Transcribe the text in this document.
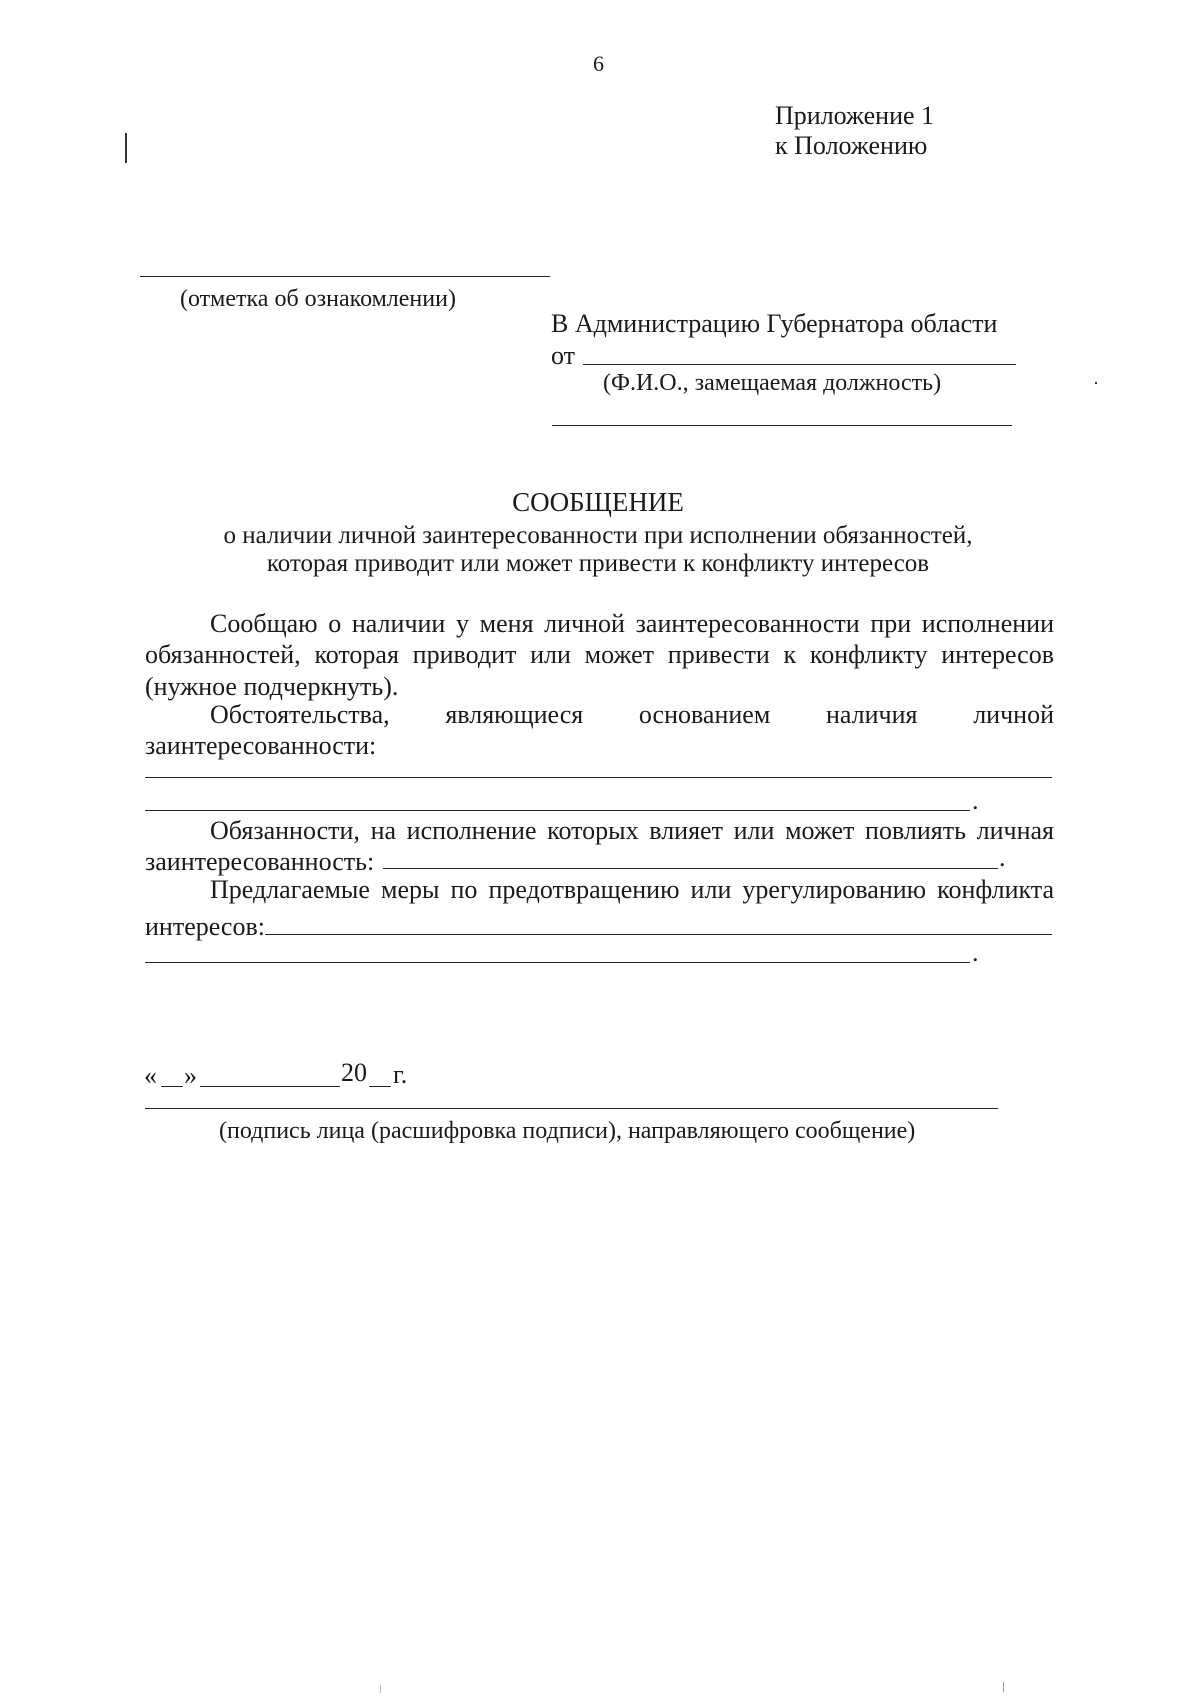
6
Приложение 1
к Положению
(отметка об ознакомлении)
В Администрацию Губернатора области
от
(Ф.И.О., замещаемая должность)
СООБЩЕНИЕ
о наличии личной заинтересованности при исполнении обязанностей,
которая приводит или может привести к конфликту интересов
Сообщаю о наличии у меня личной заинтересованности при исполнении
обязанностей, которая приводит или может привести к конфликту интересов
(нужное подчеркнуть).
Обстоятельства, являющиеся основанием наличия личной
заинтересованности:
.
Обязанности, на исполнение которых влияет или может повлиять личная
заинтересованность:	.
Предлагаемые меры по предотвращению или урегулированию конфликта
интересов:
.
« »	20 г.
(подпись лица (расшифровка подписи), направляющего сообщение)
